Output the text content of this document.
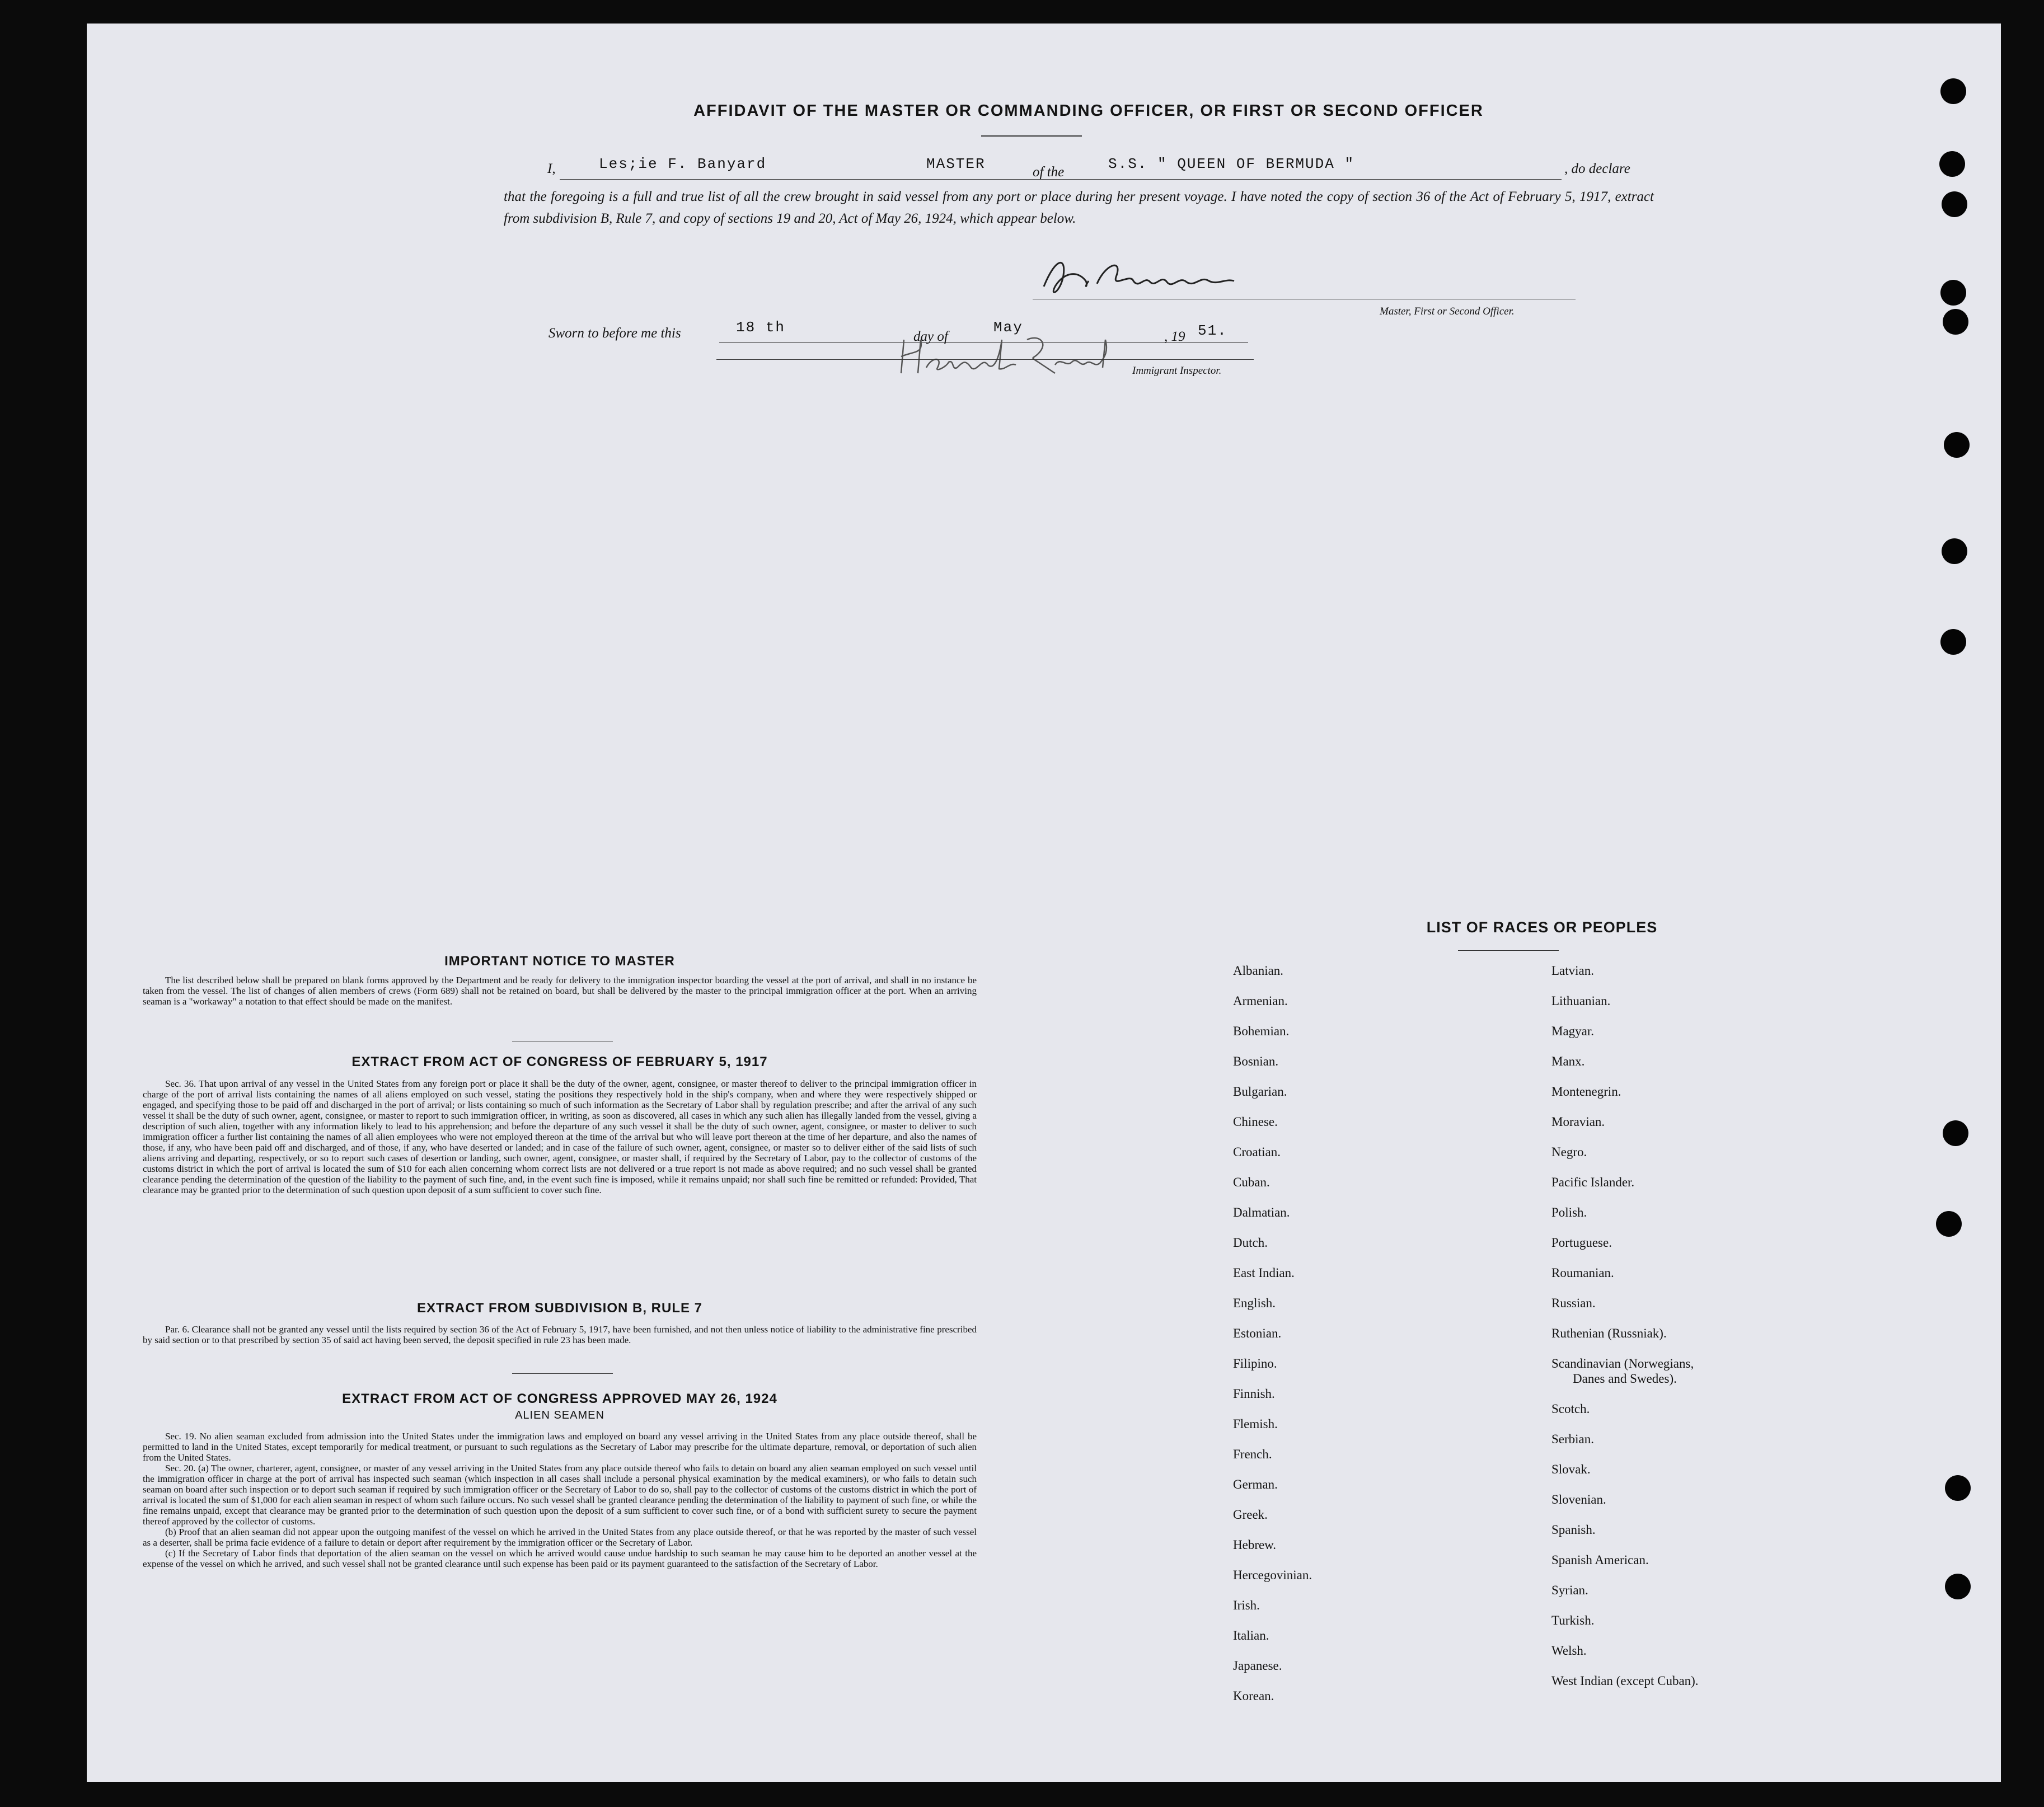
AFFIDAVIT OF THE MASTER OR COMMANDING OFFICER, OR FIRST OR SECOND OFFICER
I,	Les;ie F. Banyard	MASTER	of the	S.S. " QUEEN OF BERMUDA "	, do declare
that the foregoing is a full and true list of all the crew brought in said vessel from any port or place during her present voyage. I have noted the copy of section 36 of the Act of February 5, 1917, extract from subdivision B, Rule 7, and copy of sections 19 and 20, Act of May 26, 1924, which appear below.
Master, First or Second Officer.
Sworn to before me this	18 th
day of
May
, 19 51.
Immigrant Inspector.
IMPORTANT NOTICE TO MASTER

The list described below shall be prepared on blank forms approved by the Department and be ready for delivery to the immigration inspector boarding the vessel at the port of arrival, and shall in no instance be taken from the vessel. The list of changes of alien members of crews (Form 689) shall not be retained on board, but shall be delivered by the master to the principal immigration officer at the port. When an arriving seaman is a "workaway" a notation to that effect should be made on the manifest.

EXTRACT FROM ACT OF CONGRESS OF FEBRUARY 5, 1917

Sec. 36. That upon arrival of any vessel in the United States from any foreign port or place it shall be the duty of the owner, agent, consignee, or master thereof to deliver to the principal immigration officer in charge of the port of arrival lists containing the names of all aliens employed on such vessel, stating the positions they respectively hold in the ship's company, when and where they were respectively shipped or engaged, and specifying those to be paid off and discharged in the port of arrival; or lists containing so much of such information as the Secretary of Labor shall by regulation prescribe; and after the arrival of any such vessel it shall be the duty of such owner, agent, consignee, or master to report to such immigration officer, in writing, as soon as discovered, all cases in which any such alien has illegally landed from the vessel, giving a description of such alien, together with any information likely to lead to his apprehension; and before the departure of any such vessel it shall be the duty of such owner, agent, consignee, or master to deliver to such immigration officer a further list containing the names of all alien employees who were not employed thereon at the time of the arrival but who will leave port thereon at the time of her departure, and also the names of those, if any, who have been paid off and discharged, and of those, if any, who have deserted or landed; and in case of the failure of such owner, agent, consignee, or master so to deliver either of the said lists of such aliens arriving and departing, respectively, or so to report such cases of desertion or landing, such owner, agent, consignee, or master shall, if required by the Secretary of Labor, pay to the collector of customs of the customs district in which the port of arrival is located the sum of $10 for each alien concerning whom correct lists are not delivered or a true report is not made as above required; and no such vessel shall be granted clearance pending the determination of the question of the liability to the payment of such fine, and, in the event such fine is imposed, while it remains unpaid; nor shall such fine be remitted or refunded: Provided, That clearance may be granted prior to the determination of such question upon deposit of a sum sufficient to cover such fine.

EXTRACT FROM SUBDIVISION B, RULE 7

Par. 6. Clearance shall not be granted any vessel until the lists required by section 36 of the Act of February 5, 1917, have been furnished, and not then unless notice of liability to the administrative fine prescribed by said section or to that prescribed by section 35 of said act having been served, the deposit specified in rule 23 has been made.

EXTRACT FROM ACT OF CONGRESS APPROVED MAY 26, 1924
ALIEN SEAMEN

Sec. 19. No alien seaman excluded from admission into the United States under the immigration laws and employed on board any vessel arriving in the United States from any place outside thereof, shall be permitted to land in the United States, except temporarily for medical treatment, or pursuant to such regulations as the Secretary of Labor may prescribe for the ultimate departure, removal, or deportation of such alien from the United States.

Sec. 20. (a) The owner, charterer, agent, consignee, or master of any vessel arriving in the United States from any place outside thereof who fails to detain on board any alien seaman employed on such vessel until the immigration officer in charge at the port of arrival has inspected such seaman (which inspection in all cases shall include a personal physical examination by the medical examiners), or who fails to detain such seaman on board after such inspection or to deport such seaman if required by such immigration officer or the Secretary of Labor to do so, shall pay to the collector of customs of the customs district in which the port of arrival is located the sum of $1,000 for each alien seaman in respect of whom such failure occurs. No such vessel shall be granted clearance pending the determination of the liability to payment of such fine, or while the fine remains unpaid, except that clearance may be granted prior to the determination of such question upon the deposit of a sum sufficient to cover such fine, or of a bond with sufficient surety to secure the payment thereof approved by the collector of customs.

(b) Proof that an alien seaman did not appear upon the outgoing manifest of the vessel on which he arrived in the United States from any place outside thereof, or that he was reported by the master of such vessel as a deserter, shall be prima facie evidence of a failure to detain or deport after requirement by the immigration officer or the Secretary of Labor.

(c) If the Secretary of Labor finds that deportation of the alien seaman on the vessel on which he arrived would cause undue hardship to such seaman he may cause him to be deported an another vessel at the expense of the vessel on which he arrived, and such vessel shall not be granted clearance until such expense has been paid or its payment guaranteed to the satisfaction of the Secretary of Labor.

LIST OF RACES OR PEOPLES
Albanian.
Armenian.
Bohemian.
Bosnian.
Bulgarian.
Chinese.
Croatian.
Cuban.
Dalmatian.
Dutch.
East Indian.
English.
Estonian.
Filipino.
Finnish.
Flemish.
French.
German.
Greek.
Hebrew.
Hercegovinian.
Irish.
Italian.
Japanese.
Korean.
Latvian.
Lithuanian.
Magyar.
Manx.
Montenegrin.
Moravian.
Negro.
Pacific Islander.
Polish.
Portuguese.
Roumanian.
Russian.
Ruthenian (Russniak).
Scandinavian (Norwegians,
Danes and Swedes).
Scotch.
Serbian.
Slovak.
Slovenian.
Spanish.
Spanish American.
Syrian.
Turkish.
Welsh.
West Indian (except Cuban).
